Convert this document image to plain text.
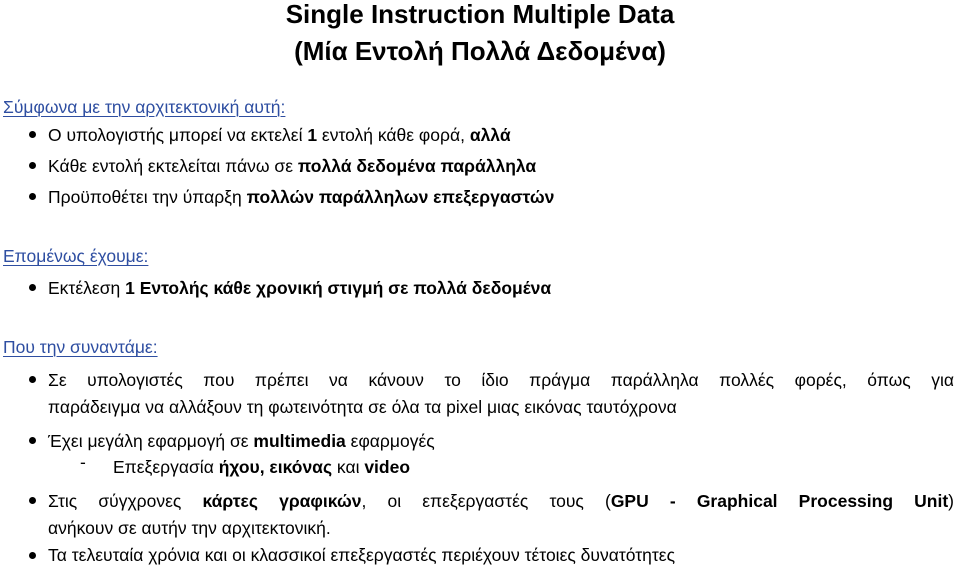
Single Instruction Multiple Data
(Μία Εντολή Πολλά Δεδομένα)
Σύμφωνα με την αρχιτεκτονική αυτή:
Ο υπολογιστής μπορεί να εκτελεί 1 εντολή κάθε φορά, αλλά
Κάθε εντολή εκτελείται πάνω σε πολλά δεδομένα παράλληλα
Προϋποθέτει την ύπαρξη πολλών παράλληλων επεξεργαστών
Επομένως έχουμε:
Εκτέλεση 1 Εντολής κάθε χρονική στιγμή σε πολλά δεδομένα
Που την συναντάμε:
Σε υπολογιστές που πρέπει να κάνουν το ίδιο πράγμα παράλληλα πολλές φορές, όπως για
παράδειγμα να αλλάξουν τη φωτεινότητα σε όλα τα pixel μιας εικόνας ταυτόχρονα
Έχει μεγάλη εφαρμογή σε multimedia εφαρμογές
- Επεξεργασία ήχου, εικόνας και video
Στις σύγχρονες κάρτες γραφικών, οι επεξεργαστές τους (GPU - Graphical Processing Unit)
ανήκουν σε αυτήν την αρχιτεκτονική.
Τα τελευταία χρόνια και οι κλασσικοί επεξεργαστές περιέχουν τέτοιες δυνατότητες
